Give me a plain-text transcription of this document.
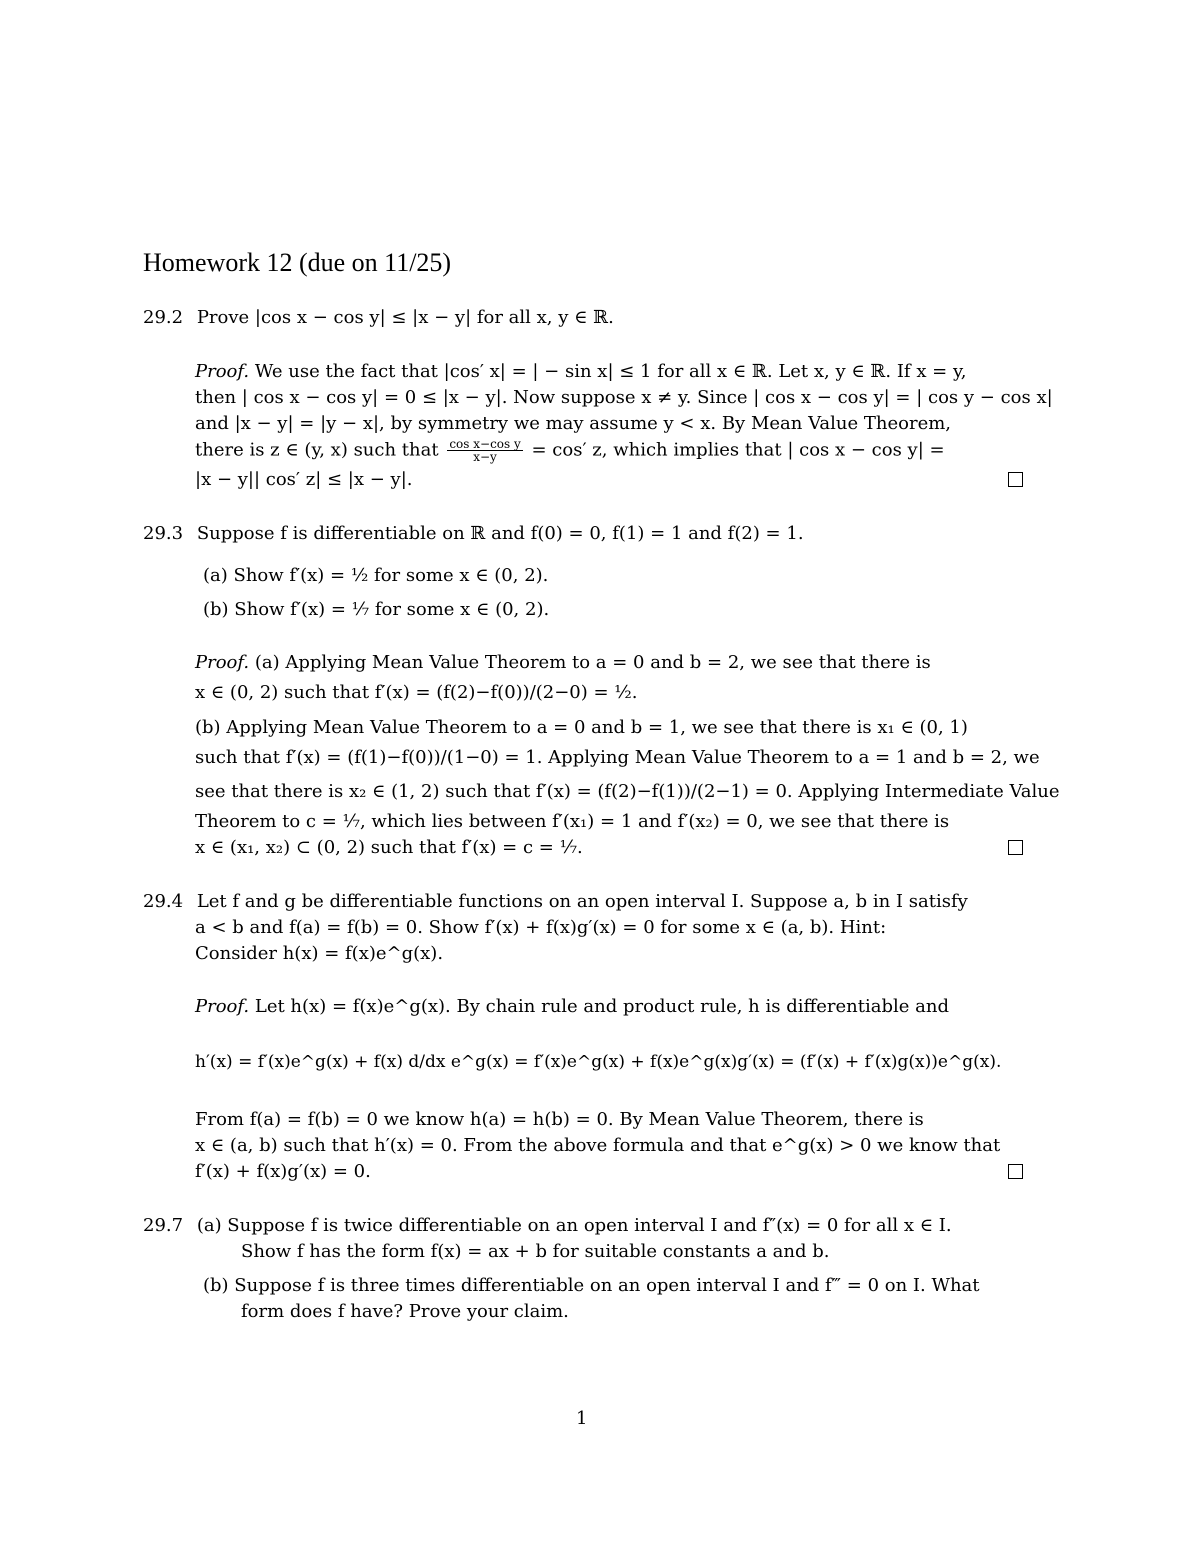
Homework 12 (due on 11/25)
29.2 Prove |cos x − cos y| ≤ |x − y| for all x, y ∈ ℝ.
Proof. We use the fact that |cos′ x| = | − sin x| ≤ 1 for all x ∈ ℝ. Let x, y ∈ ℝ. If x = y,
then | cos x − cos y| = 0 ≤ |x − y|. Now suppose x ≠ y. Since | cos x − cos y| = | cos y − cos x|
and |x − y| = |y − x|, by symmetry we may assume y < x. By Mean Value Theorem,
there is z ∈ (y, x) such that $\frac{\text{cos x−cos y}}{x-y} = \cos'$ z, which implies that | cos x − cos y| =
|x − y|| cos′ z| ≤ |x − y|.
29.3 Suppose f is differentiable on ℝ and f(0) = 0, f(1) = 1 and f(2) = 1.
(a) Show f′(x) = ½ for some x ∈ (0, 2).
(b) Show f′(x) = ⅐ for some x ∈ (0, 2).
Proof. (a) Applying Mean Value Theorem to a = 0 and b = 2, we see that there is
x ∈ (0, 2) such that f′(x) = (f(2)−f(0))/(2−0) = ½.
(b) Applying Mean Value Theorem to a = 0 and b = 1, we see that there is x₁ ∈ (0, 1)
such that f′(x) = (f(1)−f(0))/(1−0) = 1. Applying Mean Value Theorem to a = 1 and b = 2, we
see that there is x₂ ∈ (1, 2) such that f′(x) = (f(2)−f(1))/(2−1) = 0. Applying Intermediate Value
Theorem to c = ⅐, which lies between f′(x₁) = 1 and f′(x₂) = 0, we see that there is
x ∈ (x₁, x₂) ⊂ (0, 2) such that f′(x) = c = ⅐.
29.4 Let f and g be differentiable functions on an open interval I. Suppose a, b in I satisfy
a < b and f(a) = f(b) = 0. Show f′(x) + f(x)g′(x) = 0 for some x ∈ (a, b). Hint:
Consider h(x) = f(x)e^g(x).
Proof. Let h(x) = f(x)e^g(x). By chain rule and product rule, h is differentiable and
h′(x) = f′(x)e^g(x) + f(x) d/dx e^g(x) = f′(x)e^g(x) + f(x)e^g(x)g′(x) = (f′(x) + f′(x)g(x))e^g(x).
From f(a) = f(b) = 0 we know h(a) = h(b) = 0. By Mean Value Theorem, there is
x ∈ (a, b) such that h′(x) = 0. From the above formula and that e^g(x) > 0 we know that
f′(x) + f(x)g′(x) = 0.
29.7 (a) Suppose f is twice differentiable on an open interval I and f″(x) = 0 for all x ∈ I.
Show f has the form f(x) = ax + b for suitable constants a and b.
(b) Suppose f is three times differentiable on an open interval I and f‴ = 0 on I. What
form does f have? Prove your claim.
1
